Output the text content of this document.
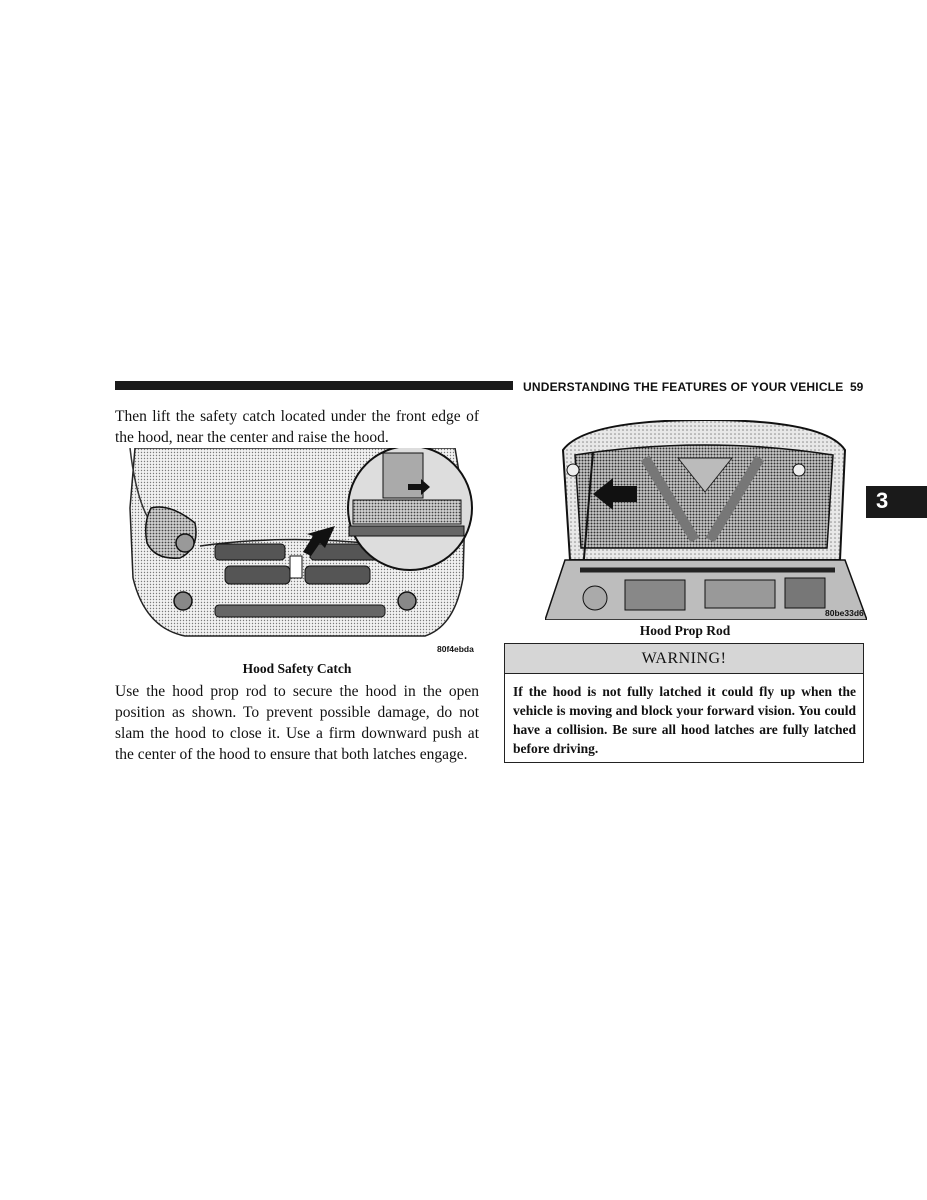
UNDERSTANDING THE FEATURES OF YOUR VEHICLE 59
3
Then lift the safety catch located under the front edge of the hood, near the center and raise the hood.
80f4ebda
Hood Safety Catch
Use the hood prop rod to secure the hood in the open position as shown. To prevent possible damage, do not slam the hood to close it. Use a firm downward push at the center of the hood to ensure that both latches engage.
80be33d6
Hood Prop Rod
WARNING!
If the hood is not fully latched it could fly up when the vehicle is moving and block your forward vision. You could have a collision. Be sure all hood latches are fully latched before driving.
